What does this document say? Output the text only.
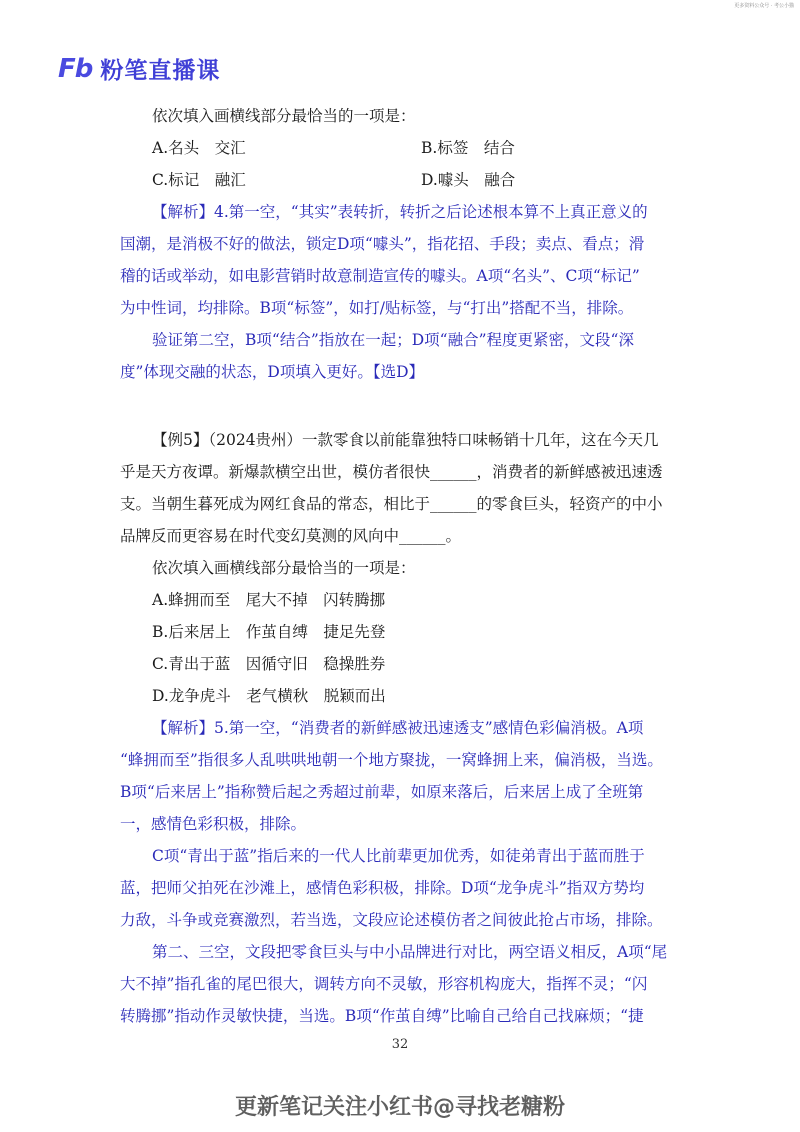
更多资料公众号 · 考公小猫
Fb 粉笔直播课
依次填入画横线部分最恰当的一项是：
A.名头　交汇	B.标签　结合
C.标记　融汇	D.噱头　融合
【解析】4.第一空，“其实”表转折，转折之后论述根本算不上真正意义的
国潮，是消极不好的做法，锁定D项“噱头”，指花招、手段；卖点、看点；滑
稽的话或举动，如电影营销时故意制造宣传的噱头。A项“名头”、C项“标记”
为中性词，均排除。B项“标签”，如打/贴标签，与“打出”搭配不当，排除。
验证第二空，B项“结合”指放在一起；D项“融合”程度更紧密，文段“深
度”体现交融的状态，D项填入更好。【选D】
【例5】（2024贵州）一款零食以前能靠独特口味畅销十几年，这在今天几
乎是天方夜谭。新爆款横空出世，模仿者很快______，消费者的新鲜感被迅速透
支。当朝生暮死成为网红食品的常态，相比于______的零食巨头，轻资产的中小
品牌反而更容易在时代变幻莫测的风向中______。
依次填入画横线部分最恰当的一项是：
A.蜂拥而至　尾大不掉　闪转腾挪
B.后来居上　作茧自缚　捷足先登
C.青出于蓝　因循守旧　稳操胜券
D.龙争虎斗　老气横秋　脱颖而出
【解析】5.第一空，“消费者的新鲜感被迅速透支”感情色彩偏消极。A项
“蜂拥而至”指很多人乱哄哄地朝一个地方聚拢，一窝蜂拥上来，偏消极，当选。
B项“后来居上”指称赞后起之秀超过前辈，如原来落后，后来居上成了全班第
一，感情色彩积极，排除。
C项“青出于蓝”指后来的一代人比前辈更加优秀，如徒弟青出于蓝而胜于
蓝，把师父拍死在沙滩上，感情色彩积极，排除。D项“龙争虎斗”指双方势均
力敌，斗争或竞赛激烈，若当选，文段应论述模仿者之间彼此抢占市场，排除。
第二、三空，文段把零食巨头与中小品牌进行对比，两空语义相反，A项“尾
大不掉”指孔雀的尾巴很大，调转方向不灵敏，形容机构庞大，指挥不灵；“闪
转腾挪”指动作灵敏快捷，当选。B项“作茧自缚”比喻自己给自己找麻烦；“捷
32
更新笔记关注小红书@寻找老糖粉
